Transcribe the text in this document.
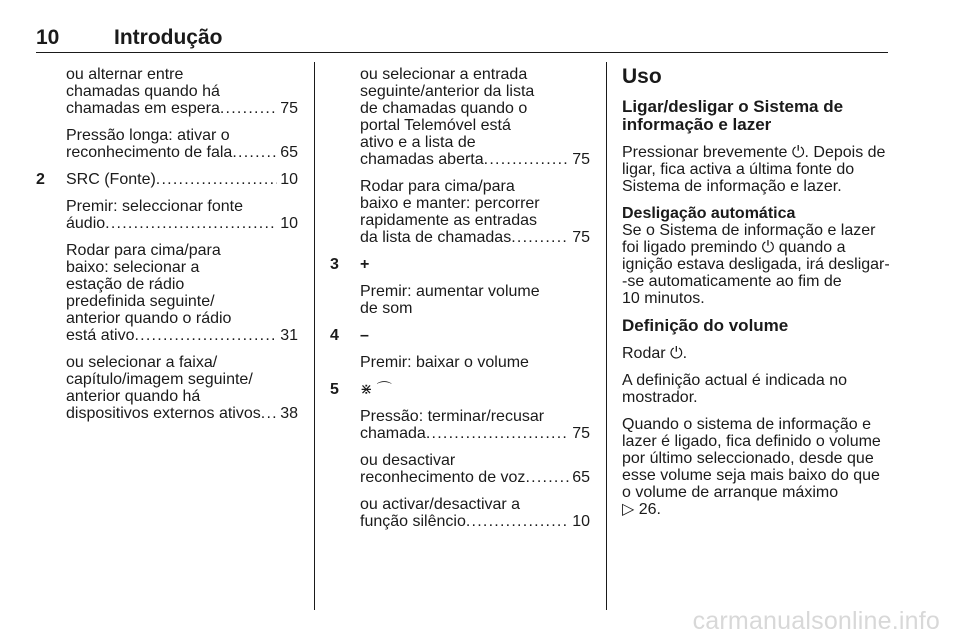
10	Introdução
ou alternar entre
chamadas quando há
chamadas em espera . . .	75
Pressão longa: ativar o
reconhecimento de fala . . .	65
2 SRC (Fonte) . . .	10
Premir: seleccionar fonte
áudio . . .	10
Rodar para cima/para
baixo: selecionar a
estação de rádio
predefinida seguinte/
anterior quando o rádio
está ativo . . .	31
ou selecionar a faixa/
capítulo/imagem seguinte/
anterior quando há
dispositivos externos ativos . . . 38
ou selecionar a entrada
seguinte/anterior da lista
de chamadas quando o
portal Telemóvel está
ativo e a lista de
chamadas aberta . . .	75
Rodar para cima/para
baixo e manter: percorrer
rapidamente as entradas
da lista de chamadas . . .	75
3 +
Premir: aumentar volume
de som
4 –
Premir: baixar o volume
5 ⋇ ⌒
Pressão: terminar/recusar
chamada . . .	75
ou desactivar
reconhecimento de voz . . .	65
ou activar/desactivar a
função silêncio . . .	10
Uso
Ligar/desligar o Sistema de
informação e lazer

Pressionar brevemente ⏻. Depois de
ligar, fica activa a última fonte do
Sistema de informação e lazer.

Desligação automática

Se o Sistema de informação e lazer
foi ligado premindo ⏻ quando a
ignição estava desligada, irá desligar-
-se automaticamente ao fim de
10 minutos.

Definição do volume

Rodar ⏻.

A definição actual é indicada no
mostrador.

Quando o sistema de informação e
lazer é ligado, fica definido o volume
por último seleccionado, desde que
esse volume seja mais baixo do que
o volume de arranque máximo
▷ 26.

carmanualsonline.info
